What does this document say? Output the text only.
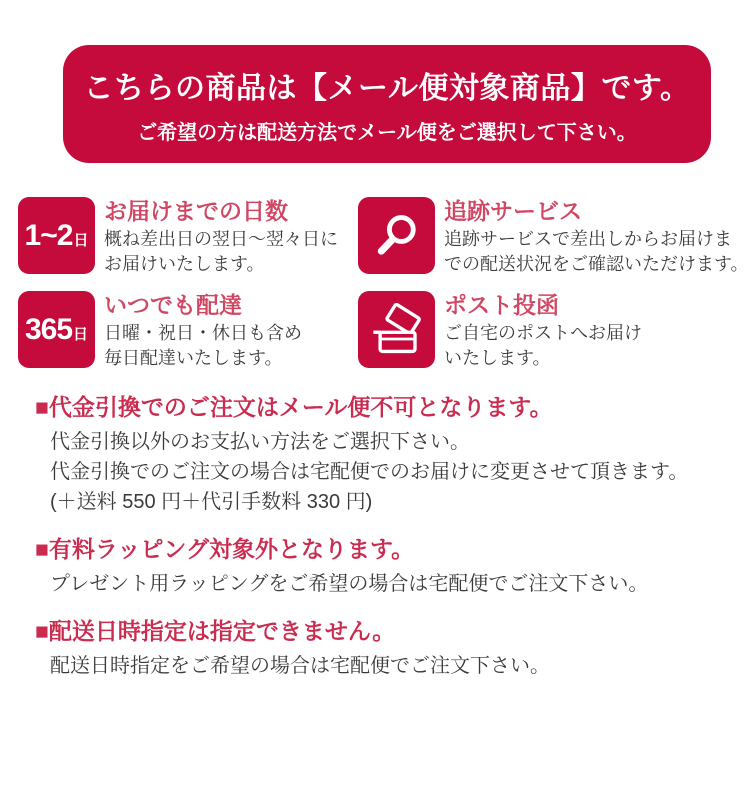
こちらの商品は【メール便対象商品】です。
ご希望の方は配送方法でメール便をご選択して下さい。
1~2 日
お届けまでの日数
概ね差出日の翌日〜翌々日に
お届けいたします。
追跡サービス
追跡サービスで差出しからお届けま
での配送状況をご確認いただけます。
365 日
いつでも配達
日曜・祝日・休日も含め
毎日配達いたします。
ポスト投函
ご自宅のポストへお届け
いたします。
■代金引換でのご注文はメール便不可となります。
代金引換以外のお支払い方法をご選択下さい。
代金引換でのご注文の場合は宅配便でのお届けに変更させて頂きます。
(＋送料 550 円＋代引手数料 330 円)
■有料ラッピング対象外となります。
プレゼント用ラッピングをご希望の場合は宅配便でご注文下さい。
■配送日時指定は指定できません。
配送日時指定をご希望の場合は宅配便でご注文下さい。
